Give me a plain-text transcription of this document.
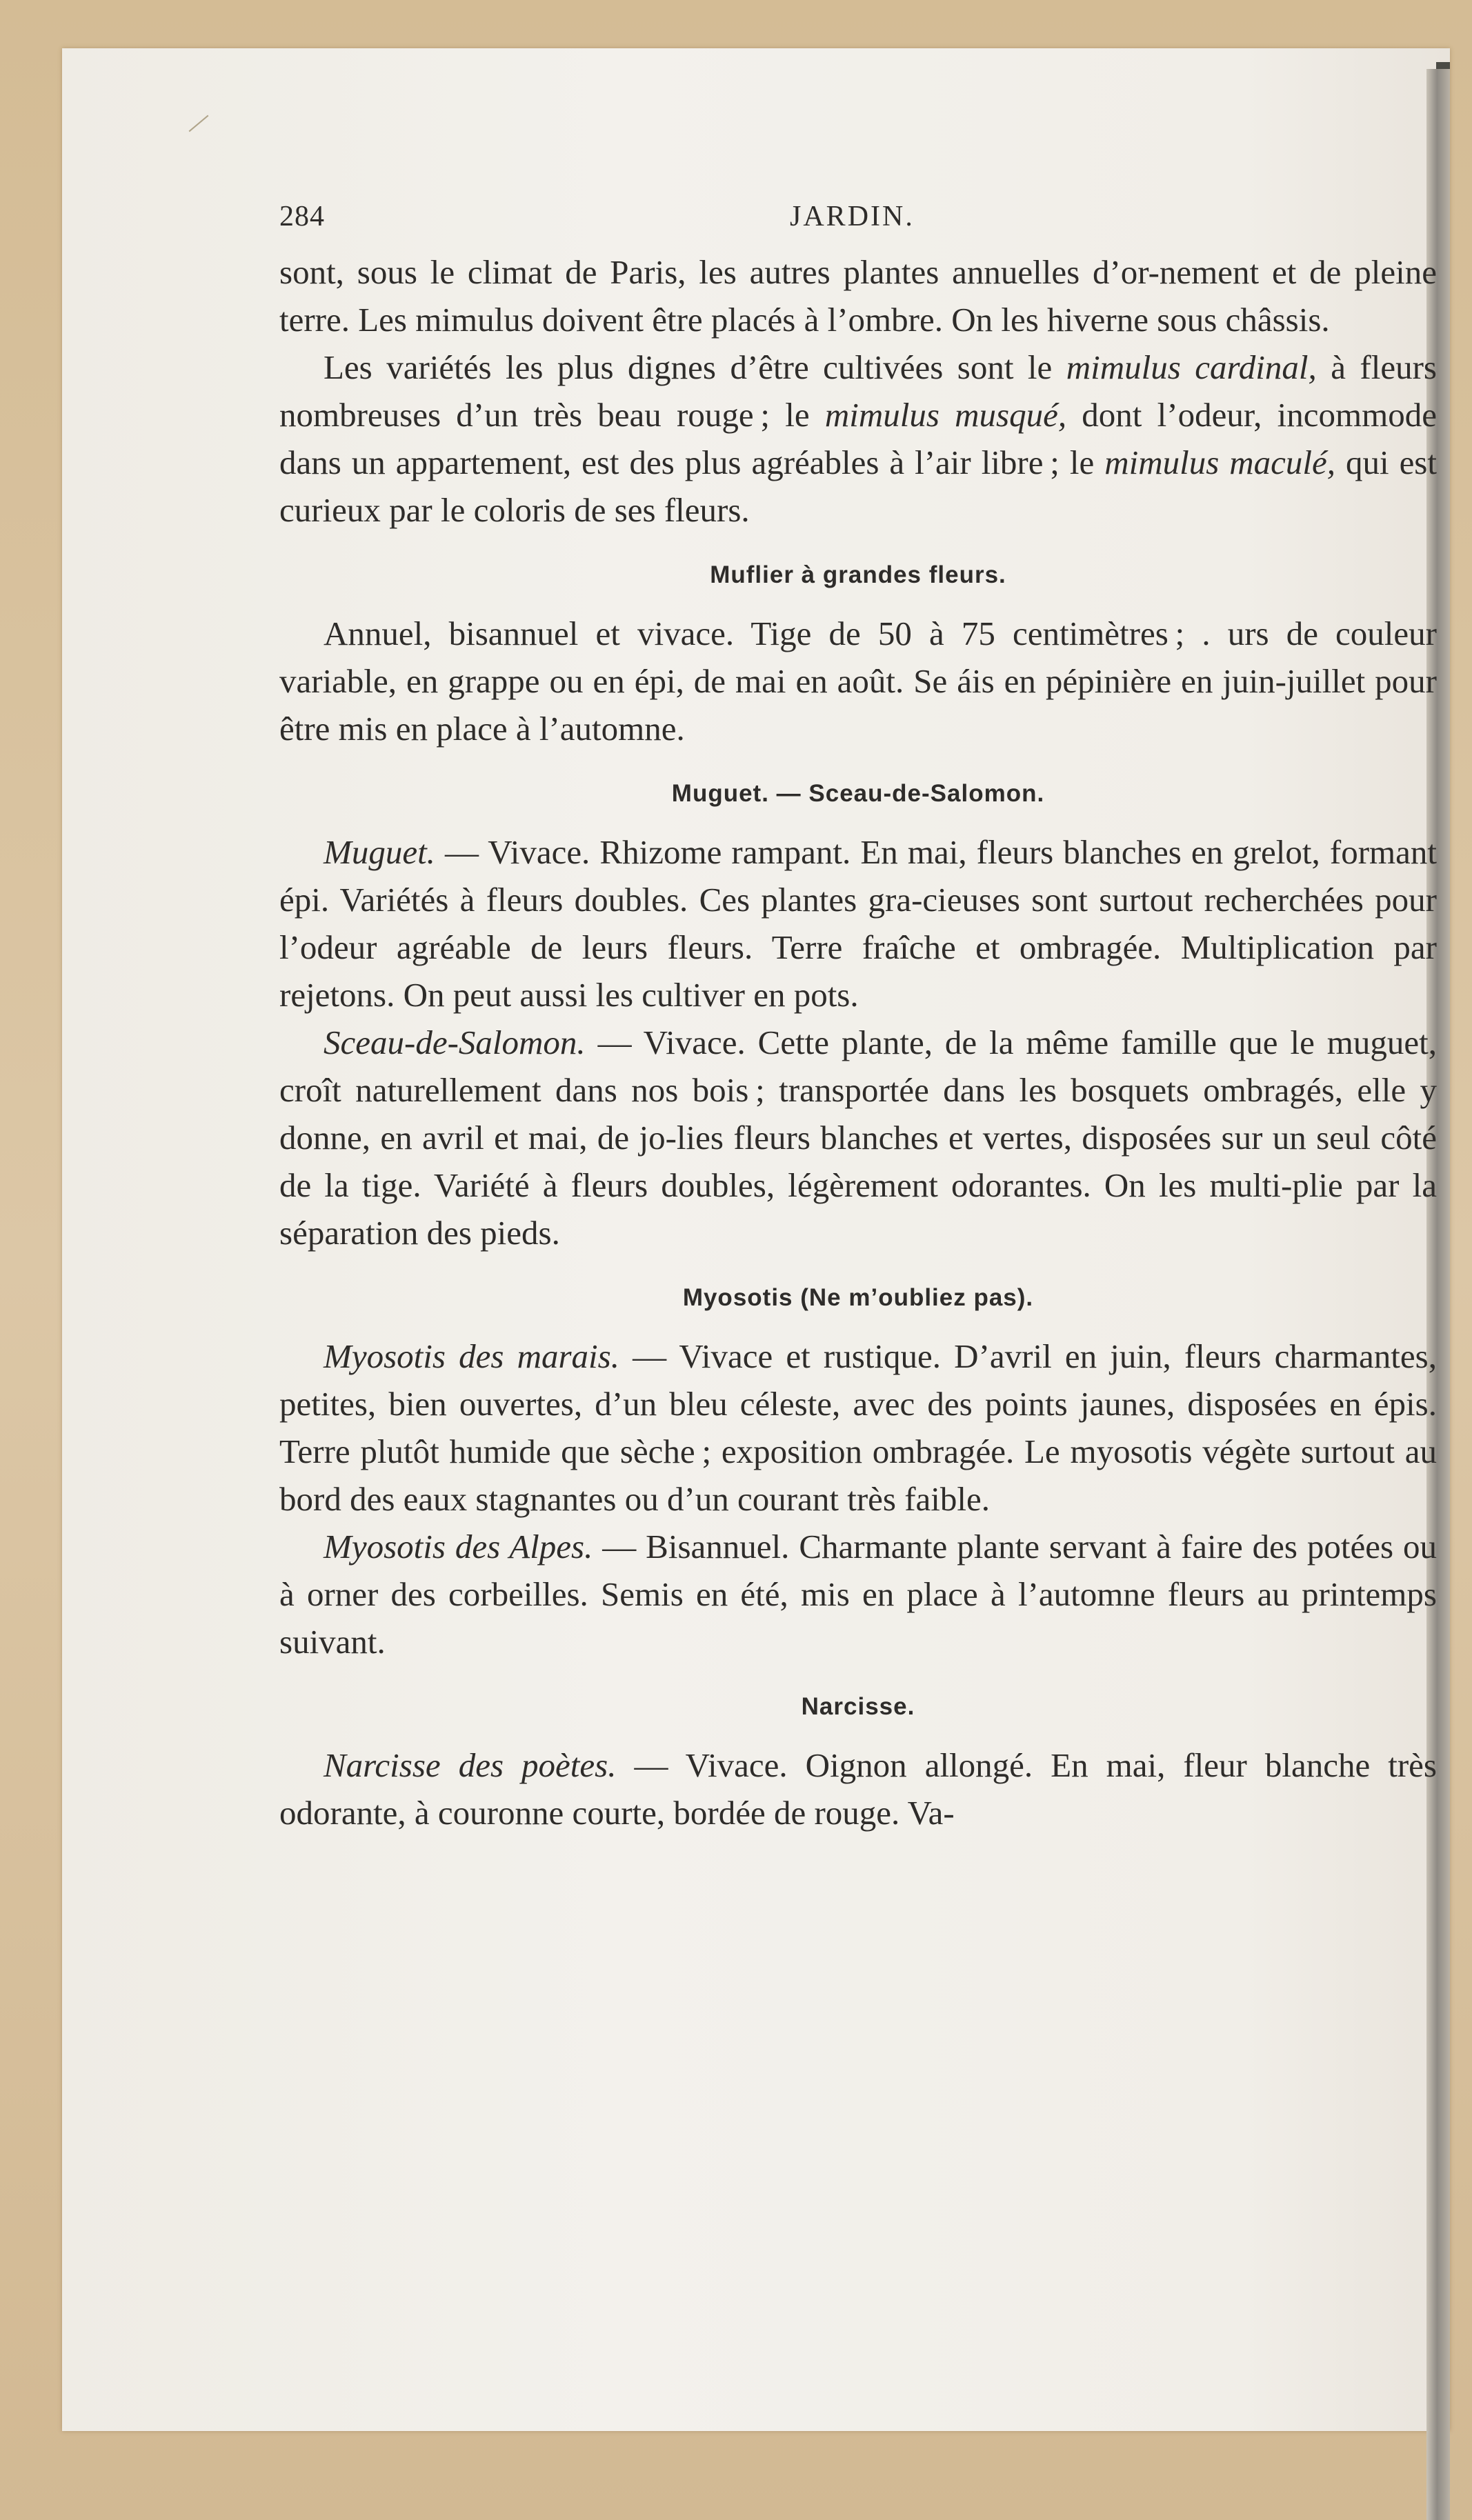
284	JARDIN.

sont, sous le climat de Paris, les autres plantes annuelles d’or-nement et de pleine terre. Les mimulus doivent être placés à l’ombre. On les hiverne sous châssis.

Les variétés les plus dignes d’être cultivées sont le mimulus cardinal, à fleurs nombreuses d’un très beau rouge ; le mimulus musqué, dont l’odeur, incommode dans un appartement, est des plus agréables à l’air libre ; le mimulus maculé, qui est curieux par le coloris de ses fleurs.

Muflier à grandes fleurs.

Annuel, bisannuel et vivace. Tige de 50 à 75 centimètres ; . urs de couleur variable, en grappe ou en épi, de mai en août. Se áis en pépinière en juin-juillet pour être mis en place à l’automne.

Muguet. — Sceau-de-Salomon.

Muguet. — Vivace. Rhizome rampant. En mai, fleurs blanches en grelot, formant épi. Variétés à fleurs doubles. Ces plantes gra-cieuses sont surtout recherchées pour l’odeur agréable de leurs fleurs. Terre fraîche et ombragée. Multiplication par rejetons. On peut aussi les cultiver en pots.

Sceau-de-Salomon. — Vivace. Cette plante, de la même famille que le muguet, croît naturellement dans nos bois ; transportée dans les bosquets ombragés, elle y donne, en avril et mai, de jo-lies fleurs blanches et vertes, disposées sur un seul côté de la tige. Variété à fleurs doubles, légèrement odorantes. On les multi-plie par la séparation des pieds.

Myosotis (Ne m’oubliez pas).

Myosotis des marais. — Vivace et rustique. D’avril en juin, fleurs charmantes, petites, bien ouvertes, d’un bleu céleste, avec des points jaunes, disposées en épis. Terre plutôt humide que sèche ; exposition ombragée. Le myosotis végète surtout au bord des eaux stagnantes ou d’un courant très faible.

Myosotis des Alpes. — Bisannuel. Charmante plante servant à faire des potées ou à orner des corbeilles. Semis en été, mis en place à l’automne fleurs au printemps suivant.

Narcisse.

Narcisse des poètes. — Vivace. Oignon allongé. En mai, fleur blanche très odorante, à couronne courte, bordée de rouge. Va-
